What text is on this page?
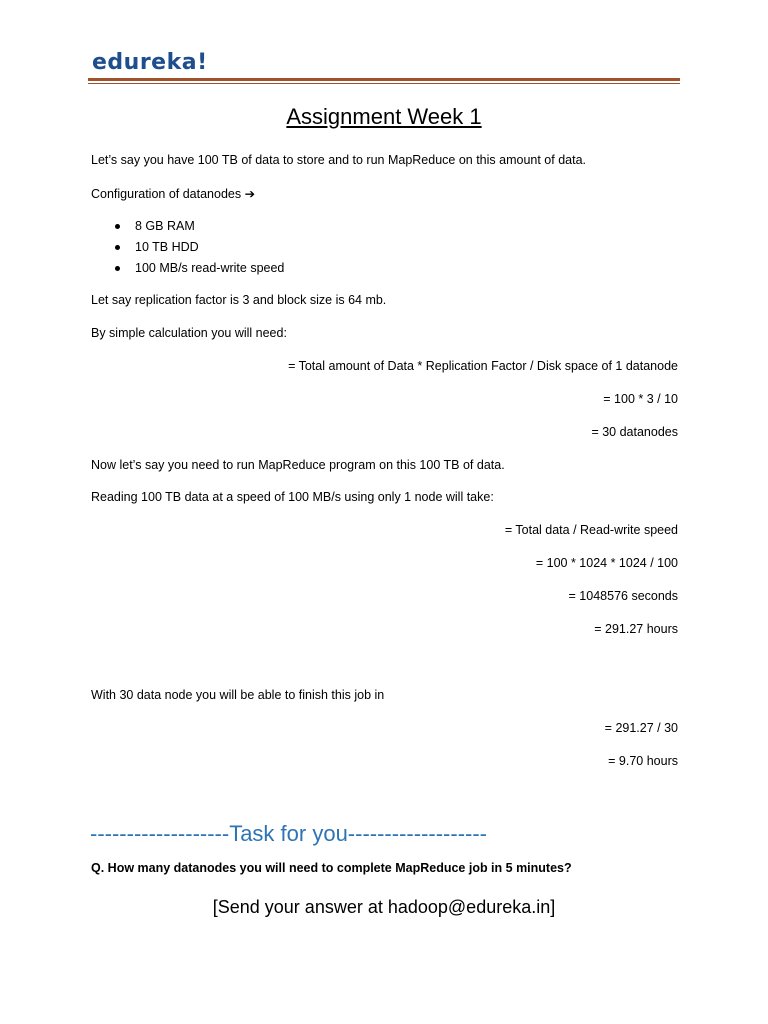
edureka!
Assignment Week 1
Let’s say you have 100 TB of data to store and to run MapReduce on this amount of data.
Configuration of datanodes ➔
8 GB RAM
10 TB HDD
100 MB/s read-write speed
Let say replication factor is 3 and block size is 64 mb.
By simple calculation you will need:
= Total amount of Data * Replication Factor / Disk space of 1 datanode
= 100 * 3 / 10
= 30 datanodes
Now let’s say you need to run MapReduce program on this 100 TB of data.
Reading 100 TB data at a speed of 100 MB/s using only 1 node will take:
= Total data / Read-write speed
= 100 * 1024 * 1024 / 100
= 1048576 seconds
= 291.27 hours
With 30 data node you will be able to finish this job in
= 291.27 / 30
= 9.70 hours
-------------------Task for you-------------------
Q. How many datanodes you will need to complete MapReduce job in 5 minutes?
[Send your answer at hadoop@edureka.in]
